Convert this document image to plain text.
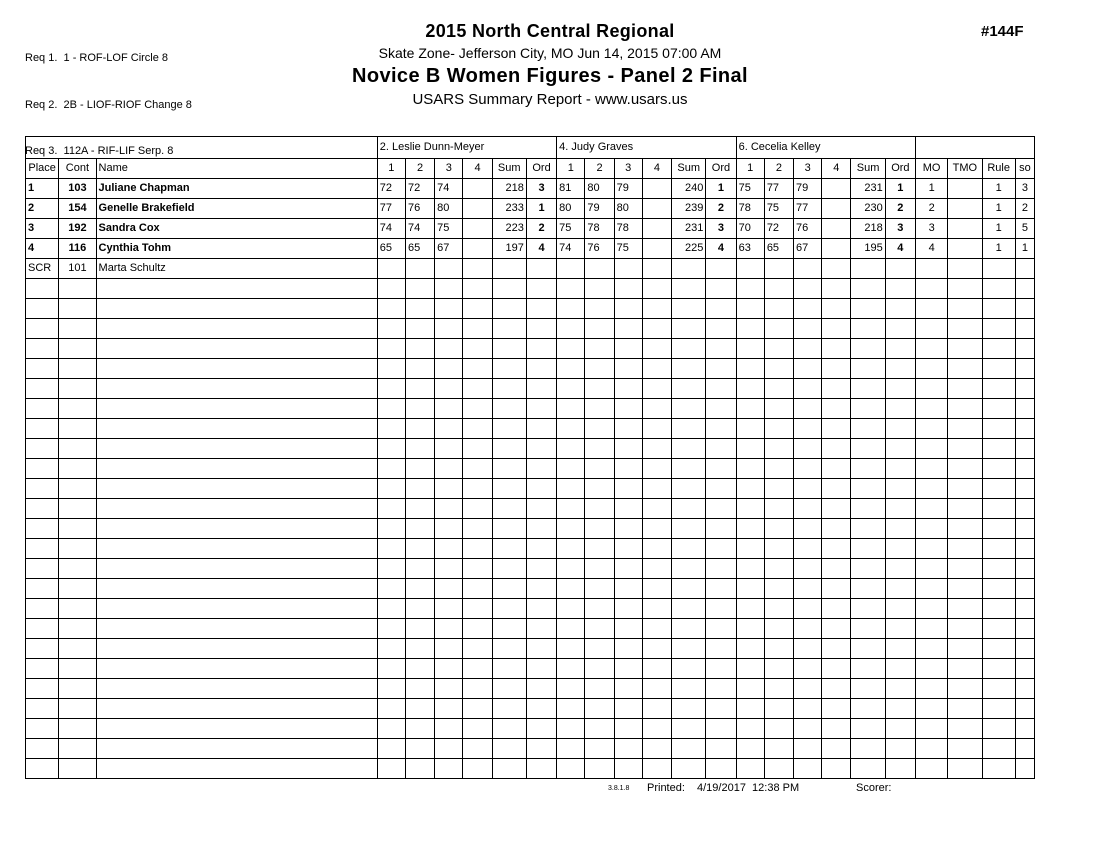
Req 1.  1 - ROF-LOF Circle 8

Req 2.  2B - LIOF-RIOF Change 8

Req 3.  112A - RIF-LIF Serp. 8

2015 North Central Regional
Skate Zone- Jefferson City, MO Jun 14, 2015 07:00 AM
Novice B Women Figures - Panel 2 Final
USARS Summary Report - www.usars.us
#144F
			2. Leslie Dunn-Meyer						4. Judy Graves						6. Cecelia Kelley									
Place	Cont	Name	1	2	3	4	Sum	Ord	1	2	3	4	Sum	Ord	1	2	3	4	Sum	Ord	MO	TMO	Rule	so
1	103	Juliane Chapman	72	72	74		218	3	81	80	79		240	1	75	77	79		231	1	1		1	3
2	154	Genelle Brakefield	77	76	80		233	1	80	79	80		239	2	78	75	77		230	2	2		1	2
3	192	Sandra Cox	74	74	75		223	2	75	78	78		231	3	70	72	76		218	3	3		1	5
4	116	Cynthia Tohm	65	65	67		197	4	74	76	75		225	4	63	65	67		195	4	4		1	1
SCR	101	Marta Schultz																						

3.8.1.8 Printed: 4/19/2017  12:38 PM	Scorer:
